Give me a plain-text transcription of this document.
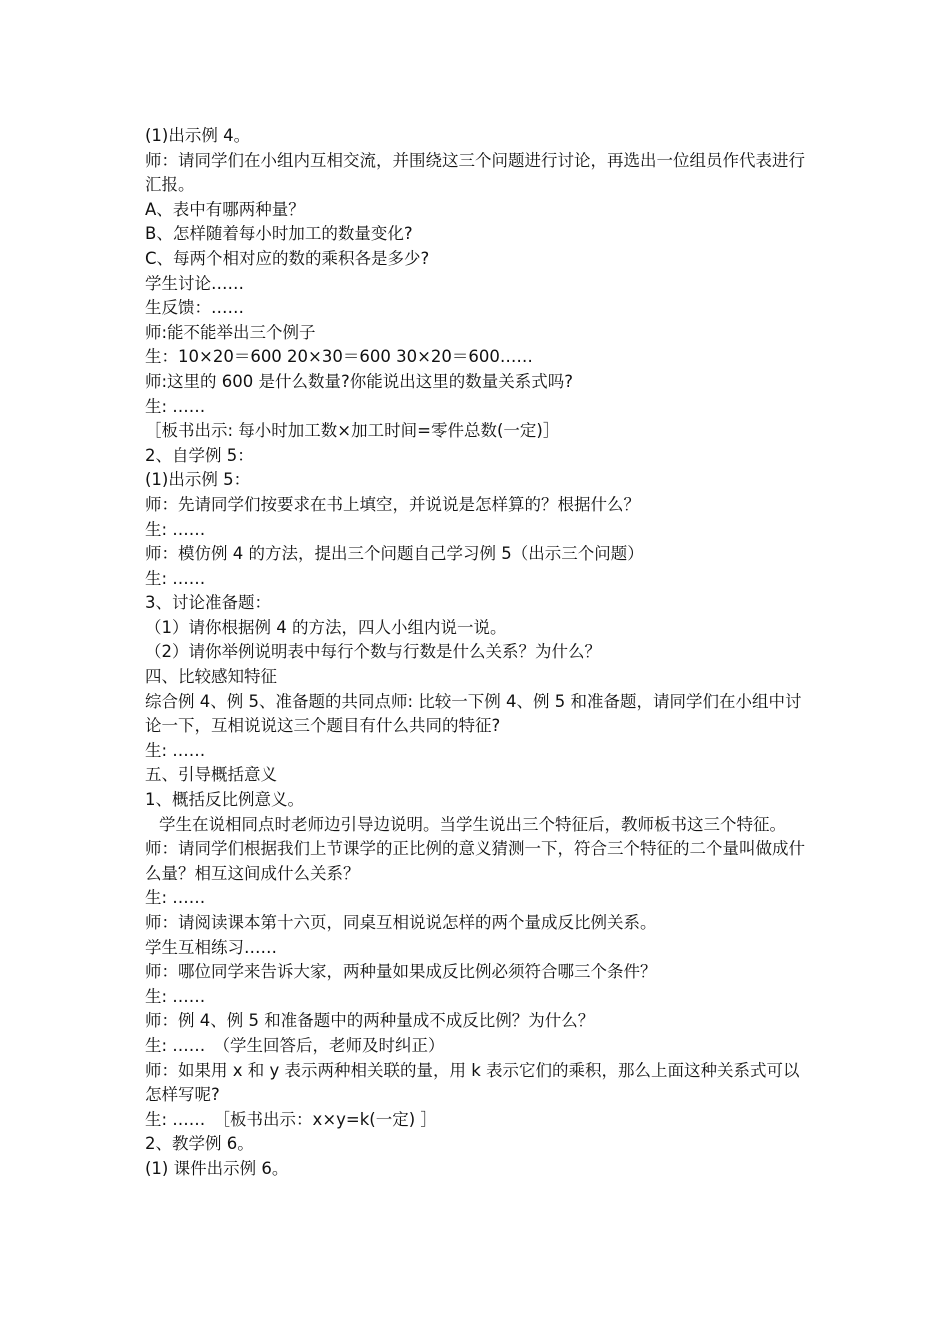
(1)出示例 4。

师：请同学们在小组内互相交流，并围绕这三个问题进行讨论，再选出一位组员作代表进行汇报。

A、表中有哪两种量？

B、怎样随着每小时加工的数量变化?

C、每两个相对应的数的乘积各是多少?

学生讨论……

生反馈：……

师:能不能举出三个例子

生：10×20＝600 20×30＝600 30×20＝600……

师:这里的 600 是什么数量?你能说出这里的数量关系式吗?

生: ……

［板书出示: 每小时加工数×加工时间=零件总数(一定)］

2、自学例 5：

(1)出示例 5：

师：先请同学们按要求在书上填空，并说说是怎样算的？根据什么？

生: ……

师：模仿例 4 的方法，提出三个问题自己学习例 5（出示三个问题）

生: ……

3、讨论准备题：

（1）请你根据例 4 的方法，四人小组内说一说。

（2）请你举例说明表中每行个数与行数是什么关系？为什么？

四、比较感知特征

综合例 4、例 5、准备题的共同点师: 比较一下例 4、例 5 和准备题，请同学们在小组中讨论一下，互相说说这三个题目有什么共同的特征?

生: ……

五、引导概括意义

1、概括反比例意义。

学生在说相同点时老师边引导边说明。当学生说出三个特征后，教师板书这三个特征。

师：请同学们根据我们上节课学的正比例的意义猜测一下，符合三个特征的二个量叫做成什么量？相互这间成什么关系？

生: ……

师：请阅读课本第十六页，同桌互相说说怎样的两个量成反比例关系。

学生互相练习……

师：哪位同学来告诉大家，两种量如果成反比例必须符合哪三个条件？

生: ……

师：例 4、例 5 和准备题中的两种量成不成反比例？为什么？

生: ……　（学生回答后，老师及时纠正）

师：如果用 x 和 y 表示两种相关联的量，用 k 表示它们的乘积，那么上面这种关系式可以怎样写呢?

生: ……　［板书出示：x×y=k(一定) ］

2、教学例 6。

(1) 课件出示例 6。
